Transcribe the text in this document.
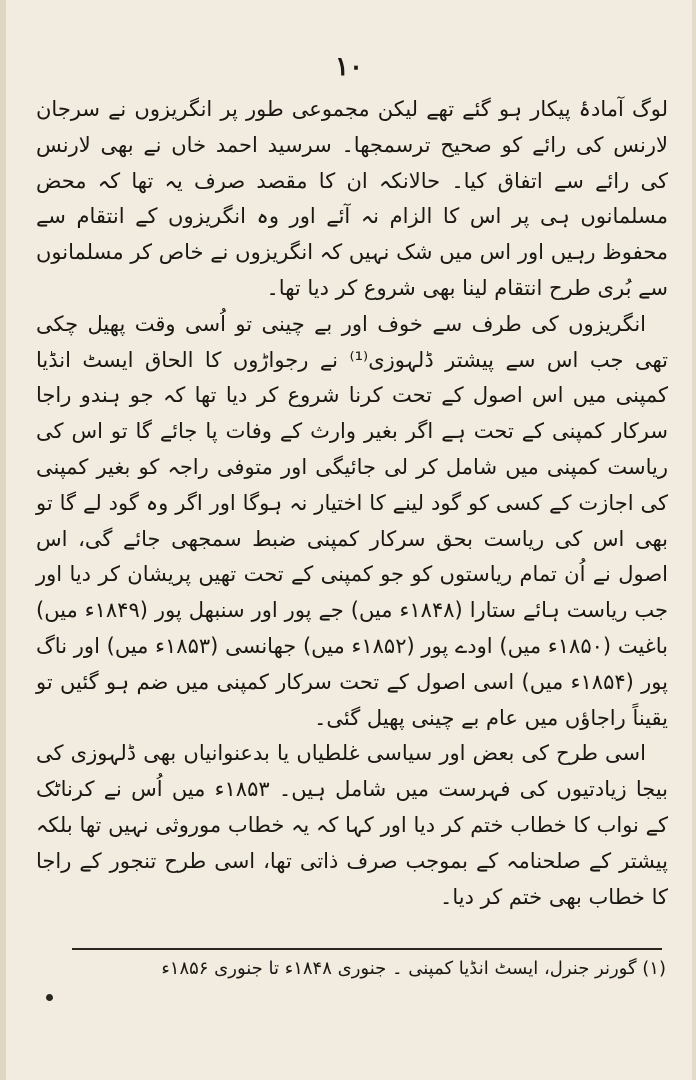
۱۰

لوگ آمادۂ پیکار ہو گئے تھے لیکن مجموعی طور پر انگریزوں نے سرجان لارنس کی رائے کو صحیح ترسمجھا۔ سرسید احمد خاں نے بھی لارنس کی رائے سے اتفاق کیا۔ حالانکہ ان کا مقصد صرف یہ تھا کہ محض مسلمانوں ہی پر اس کا الزام نہ آئے اور وہ انگریزوں کے انتقام سے محفوظ رہیں اور اس میں شک نہیں کہ انگریزوں نے خاص کر مسلمانوں سے بُری طرح انتقام لینا بھی شروع کر دیا تھا۔

انگریزوں کی طرف سے خوف اور بے چینی تو اُسی وقت پھیل چکی تھی جب اس سے پیشتر ڈلہوزی⁽¹⁾ نے رجواڑوں کا الحاق ایسٹ انڈیا کمپنی میں اس اصول کے تحت کرنا شروع کر دیا تھا کہ جو ہندو راجا سرکار کمپنی کے تحت ہے اگر بغیر وارث کے وفات پا جائے گا تو اس کی ریاست کمپنی میں شامل کر لی جائیگی اور متوفی راجہ کو بغیر کمپنی کی اجازت کے کسی کو گود لینے کا اختیار نہ ہوگا اور اگر وہ گود لے گا تو بھی اس کی ریاست بحق سرکار کمپنی ضبط سمجھی جائے گی، اس اصول نے اُن تمام ریاستوں کو جو کمپنی کے تحت تھیں پریشان کر دیا اور جب ریاست ہائے ستارا (۱۸۴۸ء میں) جے پور اور سنبھل پور (۱۸۴۹ء میں) باغیت (۱۸۵۰ء میں) اودے پور (۱۸۵۲ء میں) جھانسی (۱۸۵۳ء میں) اور ناگ پور (۱۸۵۴ء میں) اسی اصول کے تحت سرکار کمپنی میں ضم ہو گئیں تو یقیناً راجاؤں میں عام بے چینی پھیل گئی۔

اسی طرح کی بعض اور سیاسی غلطیاں یا بدعنوانیاں بھی ڈلہوزی کی بیجا زیادتیوں کی فہرست میں شامل ہیں۔ ۱۸۵۳ء میں اُس نے کرناٹک کے نواب کا خطاب ختم کر دیا اور کہا کہ یہ خطاب موروثی نہیں تھا بلکہ پیشتر کے صلحنامہ کے بموجب صرف ذاتی تھا، اسی طرح تنجور کے راجا کا خطاب بھی ختم کر دیا۔

(۱) گورنر جنرل، ایسٹ انڈیا کمپنی ۔ جنوری ۱۸۴۸ء تا جنوری ۱۸۵۶ء
